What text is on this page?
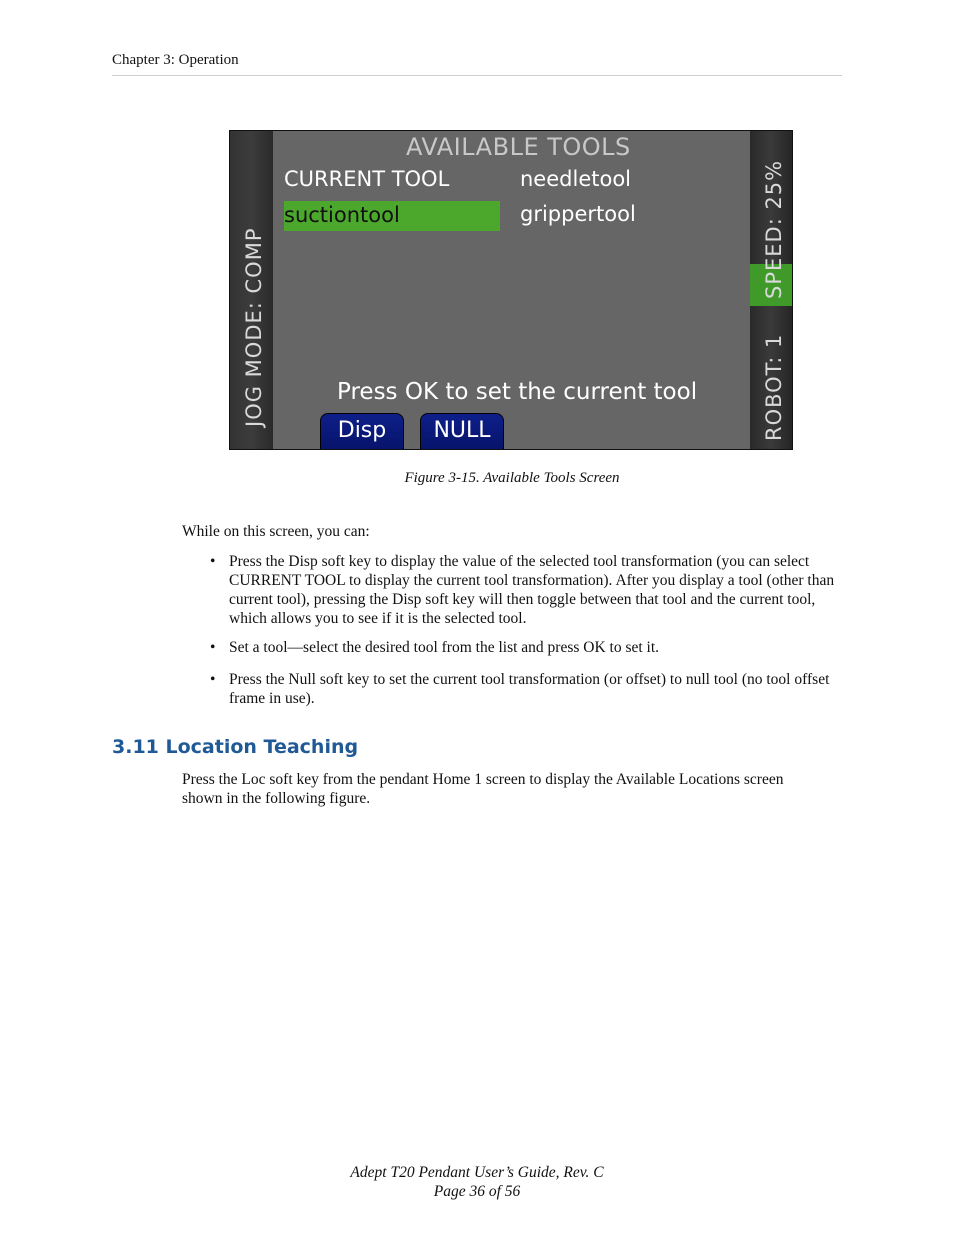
Chapter 3: Operation
JOG MODE: COMP	SPEED: 25%
ROBOT: 1
AVAILABLE TOOLS
CURRENT TOOL	needletool
suctiontool	grippertool
Press OK to set the current tool
Disp	NULL
Figure 3-15. Available Tools Screen
While on this screen, you can:
• Press the Disp soft key to display the value of the selected tool transformation (you can select CURRENT TOOL to display the current tool transformation). After you display a tool (other than current tool), pressing the Disp soft key will then toggle between that tool and the current tool, which allows you to see if it is the selected tool.
• Set a tool—select the desired tool from the list and press OK to set it.
• Press the Null soft key to set the current tool transformation (or offset) to null tool (no tool offset frame in use).
3.11 Location Teaching
Press the Loc soft key from the pendant Home 1 screen to display the Available Locations screen shown in the following figure.
Adept T20 Pendant User’s Guide, Rev. C
Page 36 of 56
